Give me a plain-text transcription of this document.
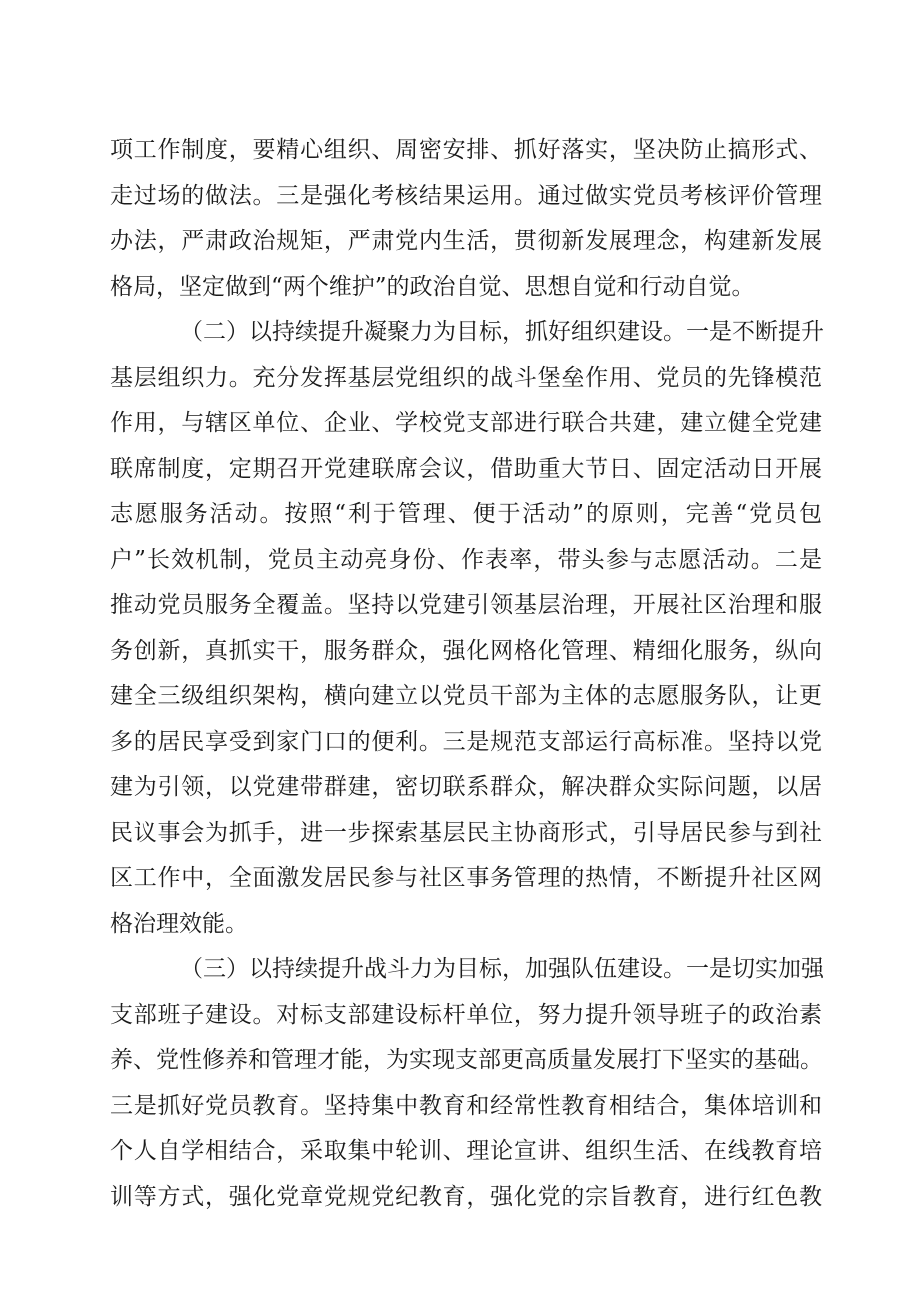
项工作制度，要精心组织、周密安排、抓好落实，坚决防止搞形式、
走过场的做法。三是强化考核结果运用。通过做实党员考核评价管理
办法，严肃政治规矩，严肃党内生活，贯彻新发展理念，构建新发展
格局，坚定做到“两个维护”的政治自觉、思想自觉和行动自觉。
（二）以持续提升凝聚力为目标，抓好组织建设。一是不断提升
基层组织力。充分发挥基层党组织的战斗堡垒作用、党员的先锋模范
作用，与辖区单位、企业、学校党支部进行联合共建，建立健全党建
联席制度，定期召开党建联席会议，借助重大节日、固定活动日开展
志愿服务活动。按照“利于管理、便于活动”的原则，完善“党员包
户”长效机制，党员主动亮身份、作表率，带头参与志愿活动。二是
推动党员服务全覆盖。坚持以党建引领基层治理，开展社区治理和服
务创新，真抓实干，服务群众，强化网格化管理、精细化服务，纵向
建全三级组织架构，横向建立以党员干部为主体的志愿服务队，让更
多的居民享受到家门口的便利。三是规范支部运行高标准。坚持以党
建为引领，以党建带群建，密切联系群众，解决群众实际问题，以居
民议事会为抓手，进一步探索基层民主协商形式，引导居民参与到社
区工作中，全面激发居民参与社区事务管理的热情，不断提升社区网
格治理效能。
（三）以持续提升战斗力为目标，加强队伍建设。一是切实加强
支部班子建设。对标支部建设标杆单位，努力提升领导班子的政治素
养、党性修养和管理才能，为实现支部更高质量发展打下坚实的基础。
三是抓好党员教育。坚持集中教育和经常性教育相结合，集体培训和
个人自学相结合，采取集中轮训、理论宣讲、组织生活、在线教育培
训等方式，强化党章党规党纪教育，强化党的宗旨教育，进行红色教
